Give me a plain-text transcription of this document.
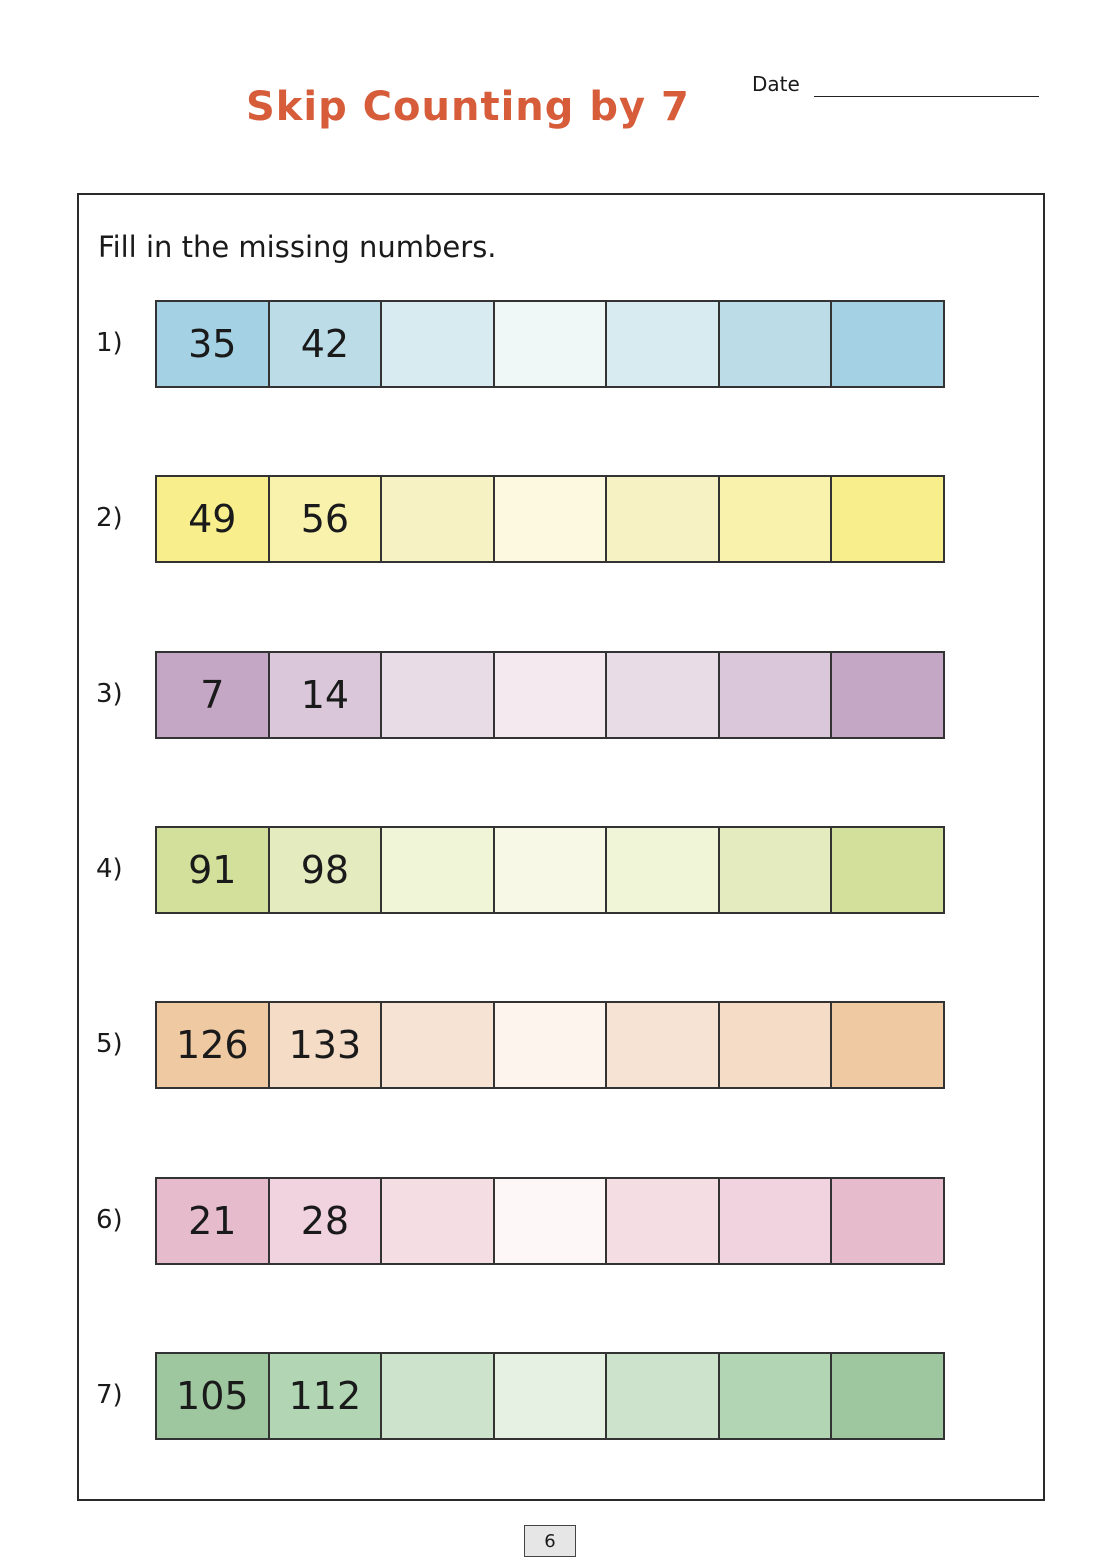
Skip Counting by 7	Date
Fill in the missing numbers.
1)	35	42
2)	49	56
3)	7	14
4)	91	98
5)	126	133
6)	21	28
7)	105	112
6
